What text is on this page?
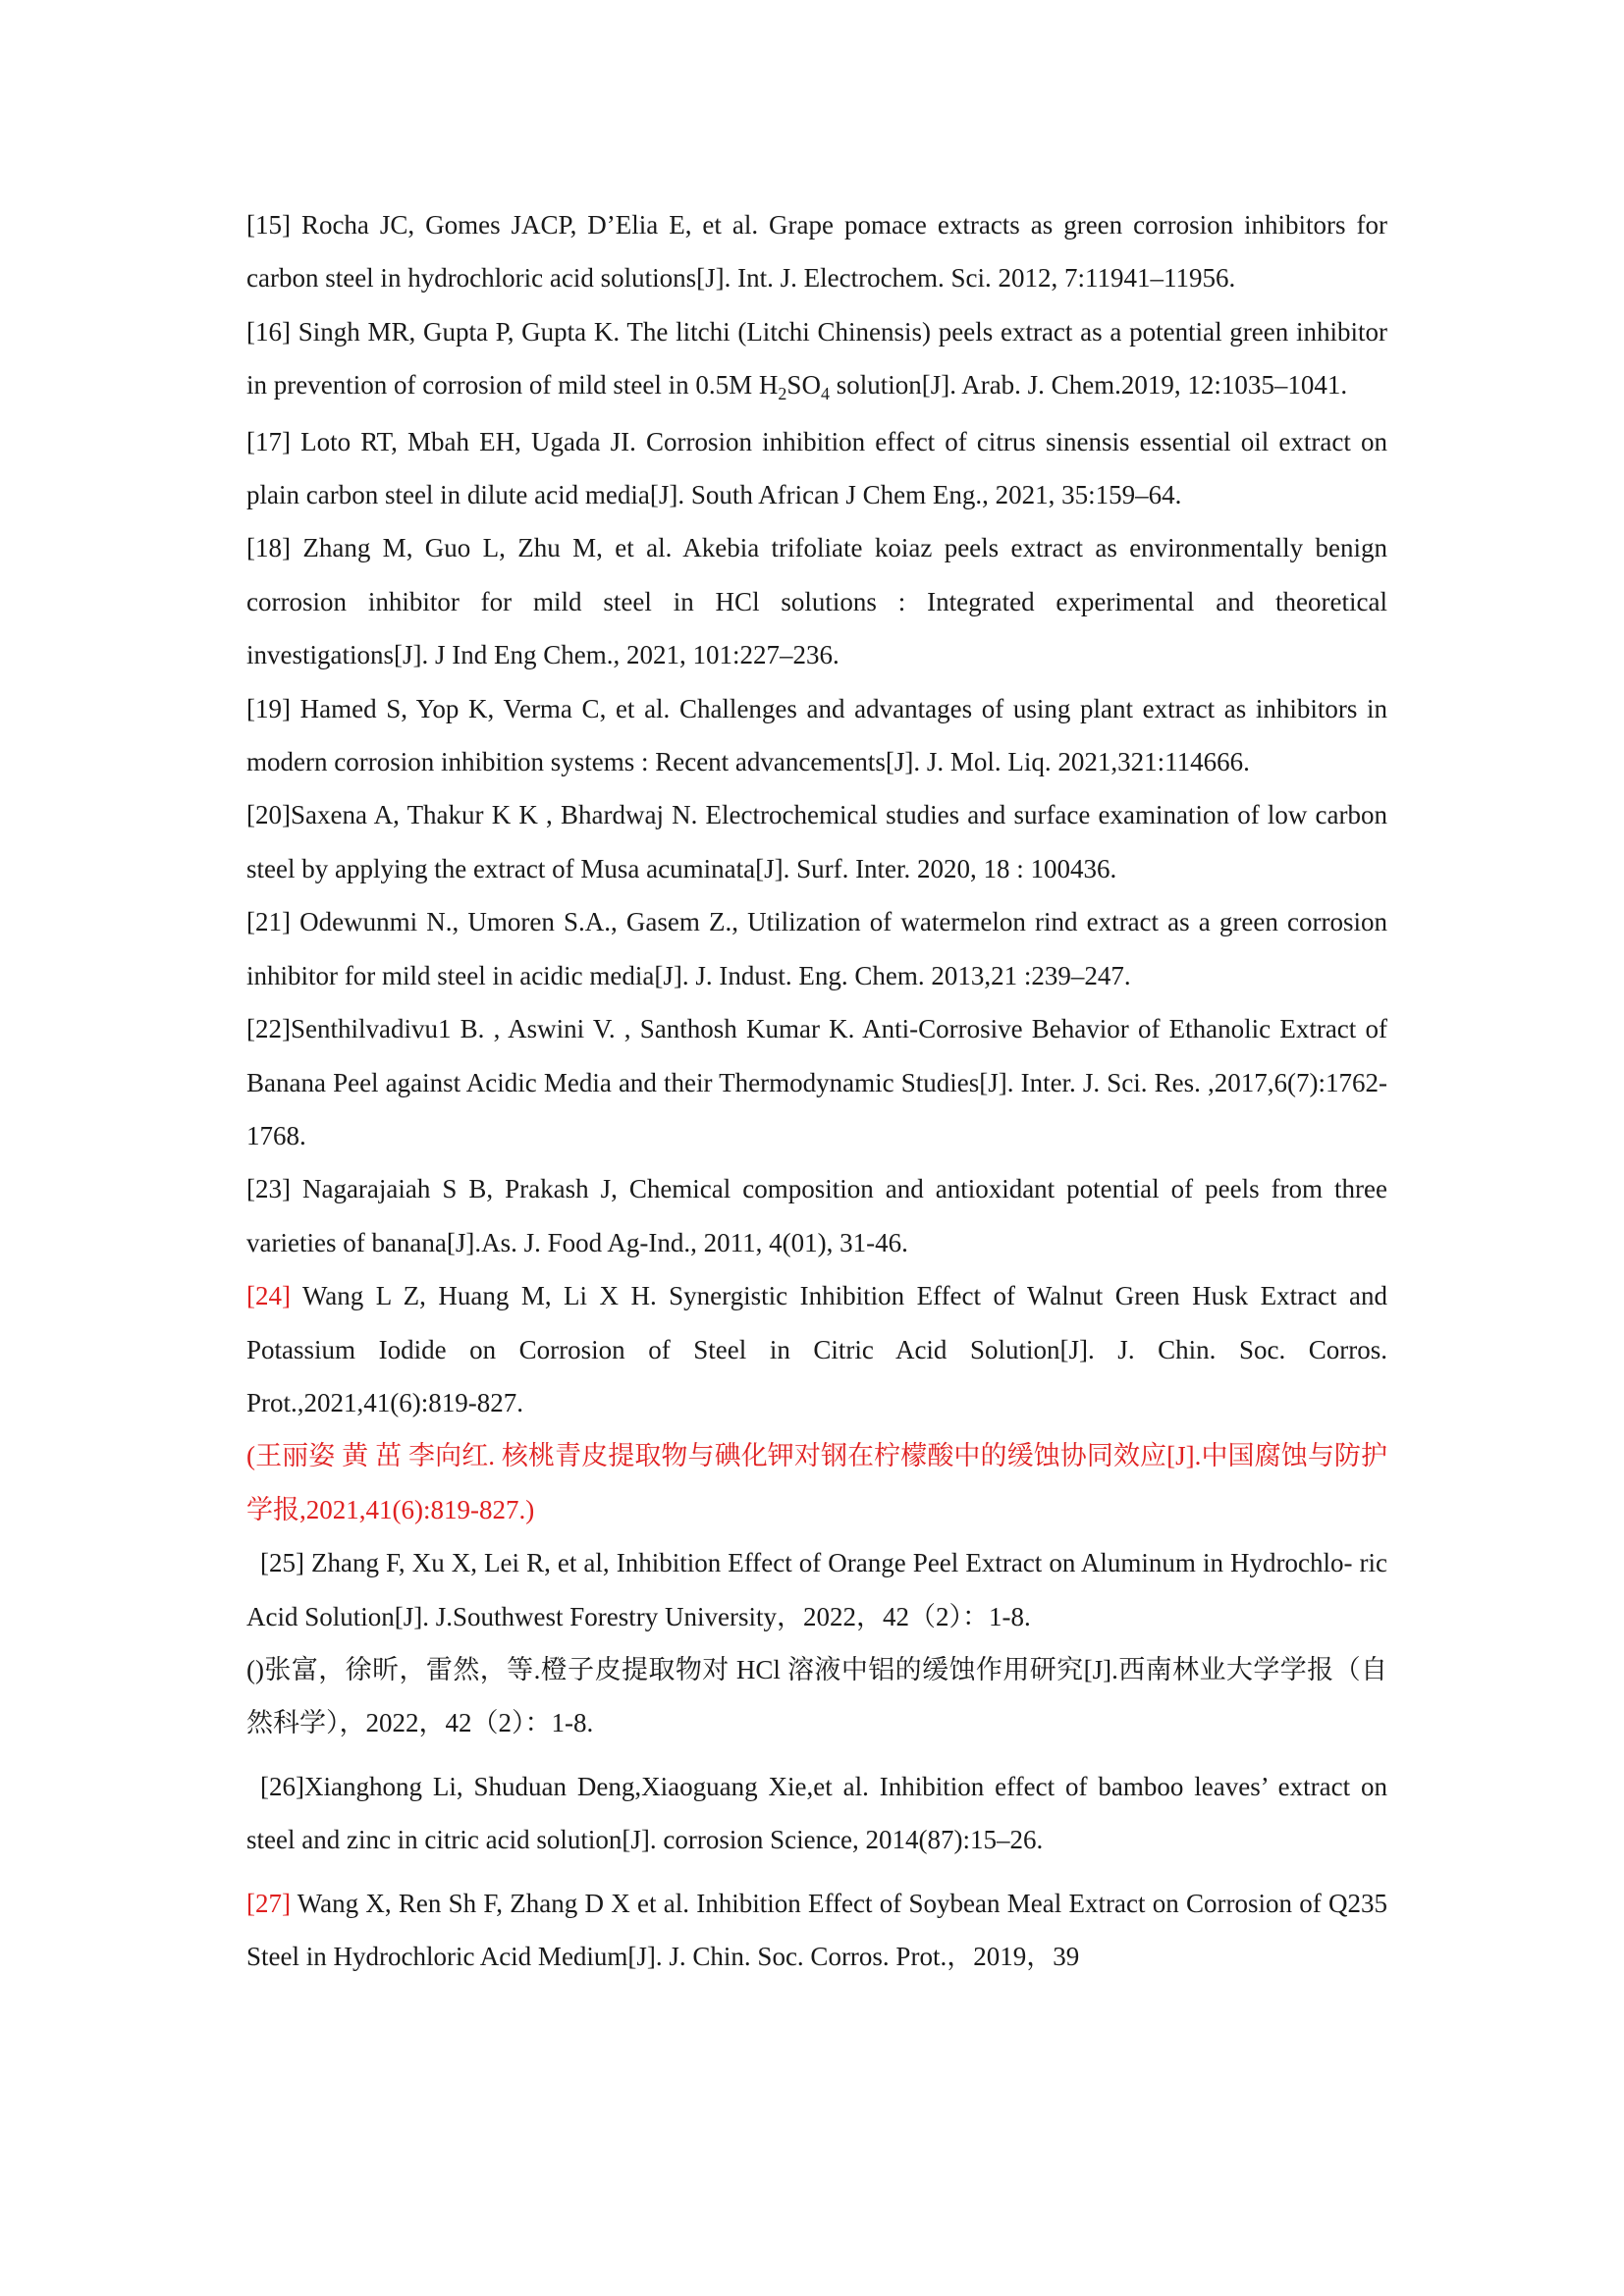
[15] Rocha JC, Gomes JACP, D’Elia E, et al. Grape pomace extracts as green corrosion inhibitors for carbon steel in hydrochloric acid solutions[J]. Int. J. Electrochem. Sci. 2012, 7:11941–11956.

[16] Singh MR, Gupta P, Gupta K. The litchi (Litchi Chinensis) peels extract as a potential green inhibitor in prevention of corrosion of mild steel in 0.5M $H_2SO_4$ solution[J]. Arab. J. Chem.2019, 12:1035–1041.

[17] Loto RT, Mbah EH, Ugada JI. Corrosion inhibition effect of citrus sinensis essential oil extract on plain carbon steel in dilute acid media[J]. South African J Chem Eng., 2021, 35:159–64.

[18] Zhang M, Guo L, Zhu M, et al. Akebia trifoliate koiaz peels extract as environmentally benign corrosion inhibitor for mild steel in HCl solutions : Integrated experimental and theoretical investigations[J]. J Ind Eng Chem., 2021, 101:227–236.

[19] Hamed S, Yop K, Verma C, et al. Challenges and advantages of using plant extract as inhibitors in modern corrosion inhibition systems : Recent advancements[J]. J. Mol. Liq. 2021,321:114666.

[20]Saxena A, Thakur K K , Bhardwaj N. Electrochemical studies and surface examination of low carbon steel by applying the extract of Musa acuminata[J]. Surf. Inter. 2020, 18 : 100436.

[21] Odewunmi N., Umoren S.A., Gasem Z., Utilization of watermelon rind extract as a green corrosion inhibitor for mild steel in acidic media[J]. J. Indust. Eng. Chem. 2013,21 :239–247.

[22]Senthilvadivu1 B. , Aswini V. , Santhosh Kumar K. Anti-Corrosive Behavior of Ethanolic Extract of Banana Peel against Acidic Media and their Thermodynamic Studies[J]. Inter. J. Sci. Res. ,2017,6(7):1762-1768.

[23] Nagarajaiah S B, Prakash J, Chemical composition and antioxidant potential of peels from three varieties of banana[J].As. J. Food Ag-Ind., 2011, 4(01), 31-46.

[24] Wang L Z, Huang M, Li X H. Synergistic Inhibition Effect of Walnut Green Husk Extract and Potassium Iodide on Corrosion of Steel in Citric Acid Solution[J]. J. Chin. Soc. Corros. Prot.,2021,41(6):819-827.

(王丽姿 黄 茁 李向红. 核桃青皮提取物与碘化钾对钢在柠檬酸中的缓蚀协同效应[J].中国腐蚀与防护学报,2021,41(6):819-827.)

[25] Zhang F, Xu X, Lei R, et al, Inhibition Effect of Orange Peel Extract on Aluminum in Hydrochlo- ric Acid Solution[J]. J.Southwest Forestry University，2022，42（2）：1-8.

()张富，徐昕，雷然，等.橙子皮提取物对 HCl 溶液中铝的缓蚀作用研究[J].西南林业大学学报（自然科学），2022，42（2）：1-8.

[26]Xianghong Li, Shuduan Deng,Xiaoguang Xie,et al. Inhibition effect of bamboo leaves’ extract on steel and zinc in citric acid solution[J]. corrosion Science, 2014(87):15–26.

[27] Wang X, Ren Sh F, Zhang D X et al. Inhibition Effect of Soybean Meal Extract on Corrosion of Q235 Steel in Hydrochloric Acid Medium[J]. J. Chin. Soc. Corros. Prot.，2019，39
